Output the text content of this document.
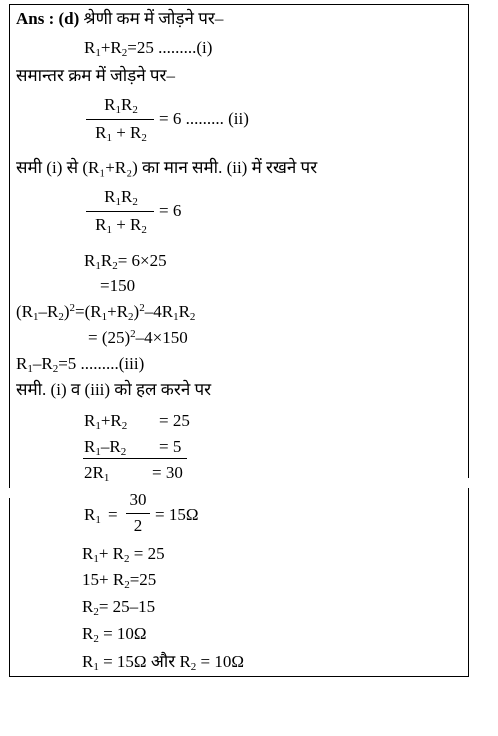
Ans : (d) श्रेणी कम में जोड़ने पर–
$R_1+R_2=25$ .........(i)
समान्तर क्रम में जोड़ने पर–
$R_1R_2$
$R_1 + R_2$
= 6 ......... (ii)
समी (i) से (R₁+R₂) का मान समी. (ii) में रखने पर
$R_1R_2$
$R_1 + R_2$
= 6
$R_1R_2= 6\times 25$
=150
$(R_1-R_2)^2=(R_1+R_2)^2-4R_1R_2$
= $(25)^2-4\times 150$
$R_1-R_2=5$ .........(iii)
समी. (i) व (iii) को हल करने पर
$R_1+R_2 = 25$
$R_1-R_2 = 5$
$2R_1$	= 30
$R_1$ =
30
2
= 15Ω
$R_1+ R_2 = 25$
$15+ R_2=25$
$R_2= 25-15$
$R_2 = 10\Omega$
$R_1 = 15\Omega$ और $R_2 = 10\Omega$
